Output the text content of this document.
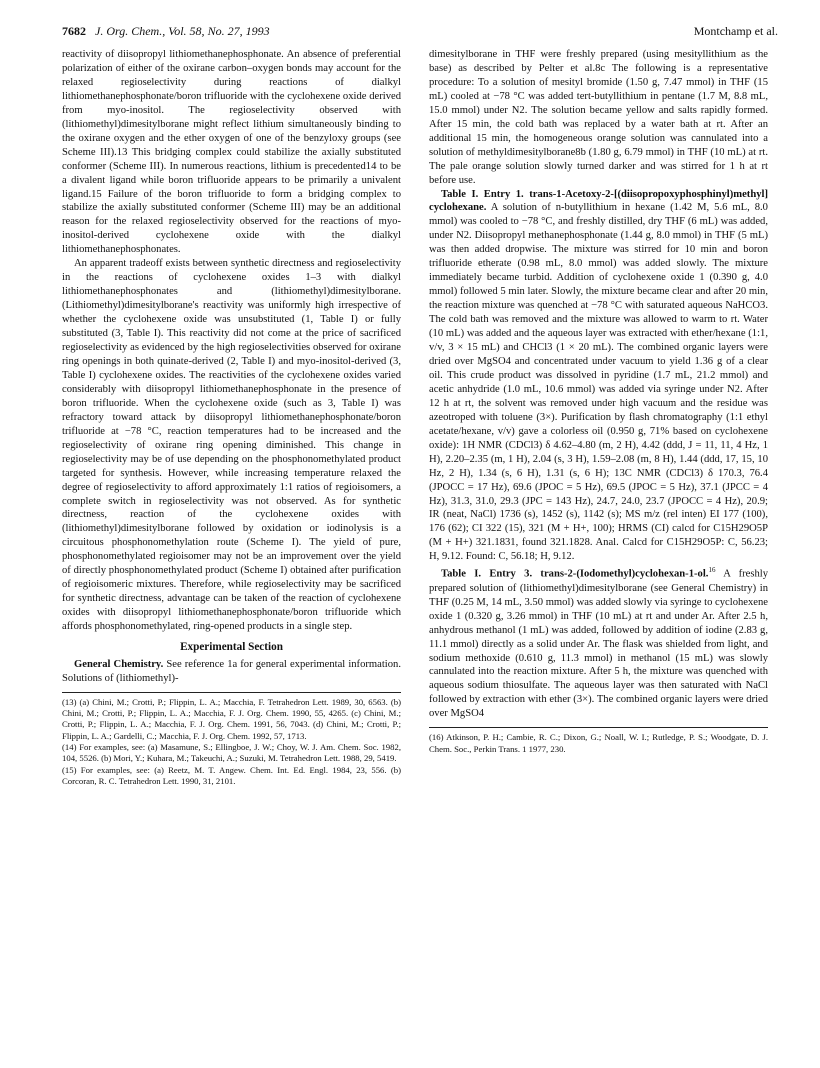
7682 J. Org. Chem., Vol. 58, No. 27, 1993	Montchamp et al.

reactivity of diisopropyl lithiomethanephosphonate. An absence of preferential polarization of either of the oxirane carbon–oxygen bonds may account for the relaxed regioselectivity during reactions of dialkyl lithiomethanephosphonate/boron trifluoride with the cyclohexene oxide derived from myo-inositol. The regioselectivity observed with (lithiomethyl)dimesitylborane might reflect lithium simultaneously binding to the oxirane oxygen and the ether oxygen of one of the benzyloxy groups (see Scheme III).13 This bridging complex could stabilize the axially substituted conformer (Scheme III). In numerous reactions, lithium is precedented14 to be a divalent ligand while boron trifluoride appears to be primarily a univalent ligand.15 Failure of the boron trifluoride to form a bridging complex to stabilize the axially substituted conformer (Scheme III) may be an additional reason for the relaxed regioselectivity observed for the reactions of myo-inositol-derived cyclohexene oxide with the dialkyl lithiomethanephosphonates.

An apparent tradeoff exists between synthetic directness and regioselectivity in the reactions of cyclohexene oxides 1–3 with dialkyl lithiomethanephosphonates and (lithiomethyl)dimesitylborane. (Lithiomethyl)dimesitylborane's reactivity was uniformly high irrespective of whether the cyclohexene oxide was unsubstituted (1, Table I) or fully substituted (3, Table I). This reactivity did not come at the price of sacrificed regioselectivity as evidenced by the high regioselectivities observed for oxirane ring openings in both quinate-derived (2, Table I) and myo-inositol-derived (3, Table I) cyclohexene oxides. The reactivities of the cyclohexene oxides varied considerably with diisopropyl lithiomethanephosphonate in the presence of boron trifluoride. When the cyclohexene oxide (such as 3, Table I) was refractory toward attack by diisopropyl lithiomethanephosphonate/boron trifluoride at −78 °C, reaction temperatures had to be increased and the regioselectivity of oxirane ring opening diminished. This change in regioselectivity may be of use depending on the phosphonomethylated product targeted for synthesis. However, while increasing temperature relaxed the degree of regioselectivity to afford approximately 1:1 ratios of regioisomers, a complete switch in regioselectivity was not observed. As for synthetic directness, reaction of the cyclohexene oxides with (lithiomethyl)dimesitylborane followed by oxidation or iodinolysis is a circuitous phosphonomethylation route (Scheme I). The yield of pure, phosphonomethylated regioisomer may not be an improvement over the yield of directly phosphonomethylated product (Scheme I) obtained after purification of regioisomeric mixtures. Therefore, while regioselectivity may be sacrificed for synthetic directness, advantage can be taken of the reaction of cyclohexene oxides with diisopropyl lithiomethanephosphonate/boron trifluoride which affords phosphonomethylated, ring-opened products in a single step.

Experimental Section

General Chemistry. See reference 1a for general experimental information. Solutions of (lithiomethyl)-

(13) (a) Chini, M.; Crotti, P.; Flippin, L. A.; Macchia, F. Tetrahedron Lett. 1989, 30, 6563. (b) Chini, M.; Crotti, P.; Flippin, L. A.; Macchia, F. J. Org. Chem. 1990, 55, 4265. (c) Chini, M.; Crotti, P.; Flippin, L. A.; Macchia, F. J. Org. Chem. 1991, 56, 7043. (d) Chini, M.; Crotti, P.; Flippin, L. A.; Gardelli, C.; Macchia, F. J. Org. Chem. 1992, 57, 1713.
(14) For examples, see: (a) Masamune, S.; Ellingboe, J. W.; Choy, W. J. Am. Chem. Soc. 1982, 104, 5526. (b) Mori, Y.; Kuhara, M.; Takeuchi, A.; Suzuki, M. Tetrahedron Lett. 1988, 29, 5419.
(15) For examples, see: (a) Reetz, M. T. Angew. Chem. Int. Ed. Engl. 1984, 23, 556. (b) Corcoran, R. C. Tetrahedron Lett. 1990, 31, 2101.

dimesitylborane in THF were freshly prepared (using mesityllithium as the base) as described by Pelter et al.8c The following is a representative procedure: To a solution of mesityl bromide (1.50 g, 7.47 mmol) in THF (15 mL) cooled at −78 °C was added tert-butyllithium in pentane (1.7 M, 8.8 mL, 15.0 mmol) under N2. The solution became yellow and salts rapidly formed. After 15 min, the cold bath was replaced by a water bath at rt. After an additional 15 min, the homogeneous orange solution was cannulated into a solution of methyldimesitylborane8b (1.80 g, 6.79 mmol) in THF (10 mL) at rt. The pale orange solution slowly turned darker and was stirred for 1 h at rt before use.

Table I. Entry 1. trans-1-Acetoxy-2-[(diisopropoxyphosphinyl)methyl] cyclohexane. A solution of n-butyllithium in hexane (1.42 M, 5.6 mL, 8.0 mmol) was cooled to −78 °C, and freshly distilled, dry THF (6 mL) was added, under N2. Diisopropyl methanephosphonate (1.44 g, 8.0 mmol) in THF (5 mL) was then added dropwise. The mixture was stirred for 10 min and boron trifluoride etherate (0.98 mL, 8.0 mmol) was added slowly. The mixture immediately became turbid. Addition of cyclohexene oxide 1 (0.390 g, 4.0 mmol) followed 5 min later. Slowly, the mixture became clear and after 20 min, the reaction mixture was quenched at −78 °C with saturated aqueous NaHCO3. The cold bath was removed and the mixture was allowed to warm to rt. Water (10 mL) was added and the aqueous layer was extracted with ether/hexane (1:1, v/v, 3 × 15 mL) and CHCl3 (1 × 20 mL). The combined organic layers were dried over MgSO4 and concentrated under vacuum to yield 1.36 g of a clear oil. This crude product was dissolved in pyridine (1.7 mL, 21.2 mmol) and acetic anhydride (1.0 mL, 10.6 mmol) was added via syringe under N2. After 12 h at rt, the solvent was removed under high vacuum and the residue was azeotroped with toluene (3×). Purification by flash chromatography (1:1 ethyl acetate/hexane, v/v) gave a colorless oil (0.950 g, 71% based on cyclohexene oxide): 1H NMR (CDCl3) δ 4.62–4.80 (m, 2 H), 4.42 (ddd, J = 11, 11, 4 Hz, 1 H), 2.20–2.35 (m, 1 H), 2.04 (s, 3 H), 1.59–2.08 (m, 8 H), 1.44 (ddd, 17, 15, 10 Hz, 2 H), 1.34 (s, 6 H), 1.31 (s, 6 H); 13C NMR (CDCl3) δ 170.3, 76.4 (JPOCC = 17 Hz), 69.6 (JPOC = 5 Hz), 69.5 (JPOC = 5 Hz), 37.1 (JPCC = 4 Hz), 31.3, 31.0, 29.3 (JPC = 143 Hz), 24.7, 24.0, 23.7 (JPOCC = 4 Hz), 20.9; IR (neat, NaCl) 1736 (s), 1452 (s), 1142 (s); MS m/z (rel inten) EI 177 (100), 176 (62); CI 322 (15), 321 (M + H+, 100); HRMS (CI) calcd for C15H29O5P (M + H+) 321.1831, found 321.1828. Anal. Calcd for C15H29O5P: C, 56.23; H, 9.12. Found: C, 56.18; H, 9.12.

Table I. Entry 3. trans-2-(Iodomethyl)cyclohexan-1-ol.$^{16}$ A freshly prepared solution of (lithiomethyl)dimesitylborane (see General Chemistry) in THF (0.25 M, 14 mL, 3.50 mmol) was added slowly via syringe to cyclohexene oxide 1 (0.320 g, 3.26 mmol) in THF (10 mL) at rt and under Ar. After 2.5 h, anhydrous methanol (1 mL) was added, followed by addition of iodine (2.83 g, 11.1 mmol) directly as a solid under Ar. The flask was shielded from light, and sodium methoxide (0.610 g, 11.3 mmol) in methanol (15 mL) was slowly cannulated into the reaction mixture. After 5 h, the mixture was quenched with aqueous sodium thiosulfate. The aqueous layer was then saturated with NaCl followed by extraction with ether (3×). The combined organic layers were dried over MgSO4

(16) Atkinson, P. H.; Cambie, R. C.; Dixon, G.; Noall, W. I.; Rutledge, P. S.; Woodgate, D. J. Chem. Soc., Perkin Trans. 1 1977, 230.
